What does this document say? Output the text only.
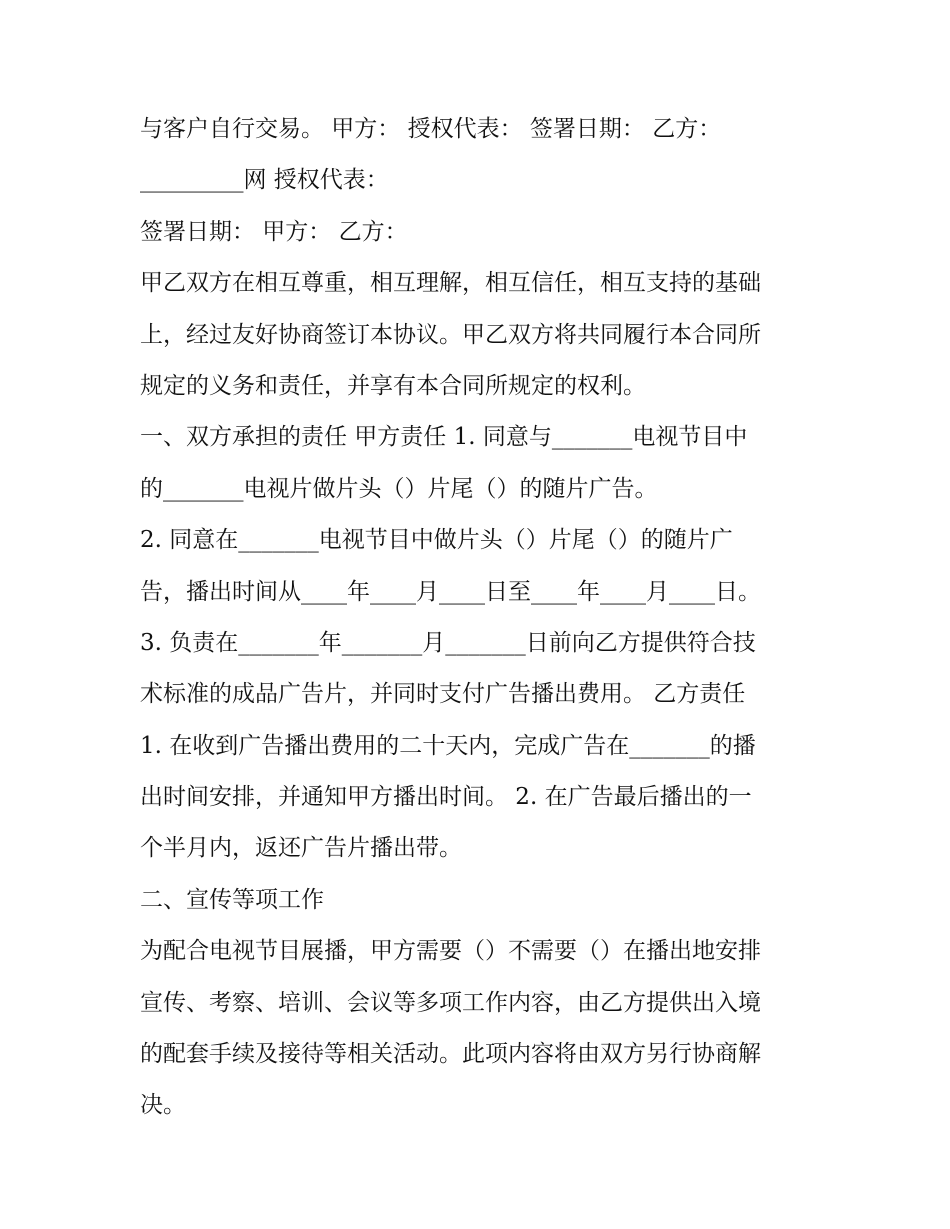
与客户自行交易。 甲方： 授权代表： 签署日期： 乙方：

_________网 授权代表：

签署日期： 甲方： 乙方：

甲乙双方在相互尊重，相互理解，相互信任，相互支持的基础

上，经过友好协商签订本协议。甲乙双方将共同履行本合同所

规定的义务和责任，并享有本合同所规定的权利。

一、双方承担的责任 甲方责任 1. 同意与_______电视节目中

的_______电视片做片头（）片尾（）的随片广告。

2. 同意在_______电视节目中做片头（）片尾（）的随片广

告，播出时间从____年____月____日至____年____月____日。

3. 负责在_______年_______月_______日前向乙方提供符合技

术标准的成品广告片，并同时支付广告播出费用。 乙方责任

1. 在收到广告播出费用的二十天内，完成广告在_______的播

出时间安排，并通知甲方播出时间。 2. 在广告最后播出的一

个半月内，返还广告片播出带。

二、宣传等项工作

为配合电视节目展播，甲方需要（）不需要（）在播出地安排

宣传、考察、培训、会议等多项工作内容，由乙方提供出入境

的配套手续及接待等相关活动。此项内容将由双方另行协商解

决。
